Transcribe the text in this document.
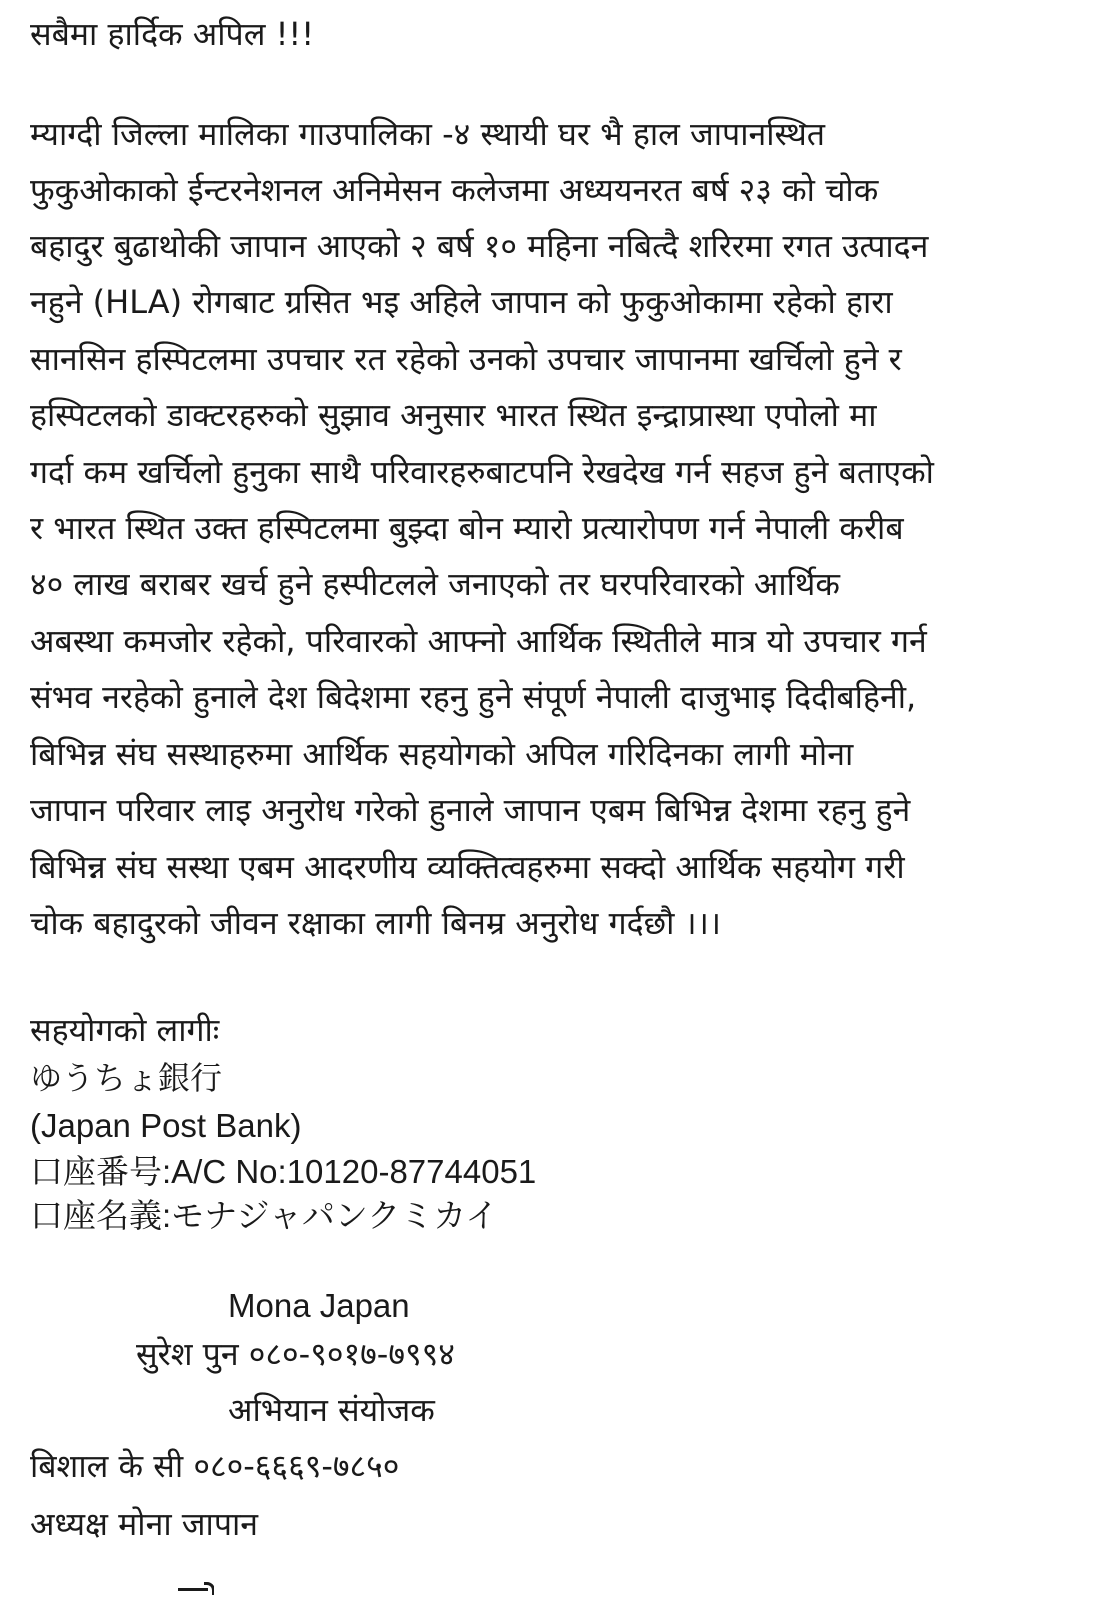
सबैमा हार्दिक अपिल !!!
म्याग्दी जिल्ला मालिका गाउपालिका -४ स्थायी घर भै हाल जापानस्थित
फुकुओकाको ईन्टरनेशनल अनिमेसन कलेजमा अध्ययनरत बर्ष २३ को चोक
बहादुर बुढाथोकी जापान आएको २ बर्ष १० महिना नबित्दै शरिरमा रगत उत्पादन
नहुने (HLA) रोगबाट ग्रसित भइ अहिले जापान को फुकुओकामा रहेको हारा
सानसिन हस्पिटलमा उपचार रत रहेको उनको उपचार जापानमा खर्चिलो हुने र
हस्पिटलको डाक्टरहरुको सुझाव अनुसार भारत स्थित इन्द्राप्रास्था एपोलो मा
गर्दा कम खर्चिलो हुनुका साथै परिवारहरुबाटपनि रेखदेख गर्न सहज हुने बताएको
र भारत स्थित उक्त हस्पिटलमा बुझ्दा बोन म्यारो प्रत्यारोपण गर्न नेपाली करीब
४० लाख बराबर खर्च हुने हस्पीटलले जनाएको तर घरपरिवारको आर्थिक
अबस्था कमजोर रहेको, परिवारको आफ्नो आर्थिक स्थितीले मात्र यो उपचार गर्न
संभव नरहेको हुनाले देश बिदेशमा रहनु हुने संपूर्ण नेपाली दाजुभाइ दिदीबहिनी,
बिभिन्न संघ सस्थाहरुमा आर्थिक सहयोगको अपिल गरिदिनका लागी मोना
जापान परिवार लाइ अनुरोध गरेको हुनाले जापान एबम बिभिन्न देशमा रहनु हुने
बिभिन्न संघ सस्था एबम आदरणीय व्यक्तित्वहरुमा सक्दो आर्थिक सहयोग गरी
चोक बहादुरको जीवन रक्षाका लागी बिनम्र अनुरोध गर्दछौ ।।।
सहयोगको लागीः
ゆうちょ銀行
(Japan Post Bank)
口座番号:A/C No:10120-87744051
口座名義:モナジャパンクミカイ
Mona Japan
सुरेश पुन ०८०-९०१७-७९९४
अभियान संयोजक
बिशाल के सी ०८०-६६६९-७८५०
अध्यक्ष मोना जापान
